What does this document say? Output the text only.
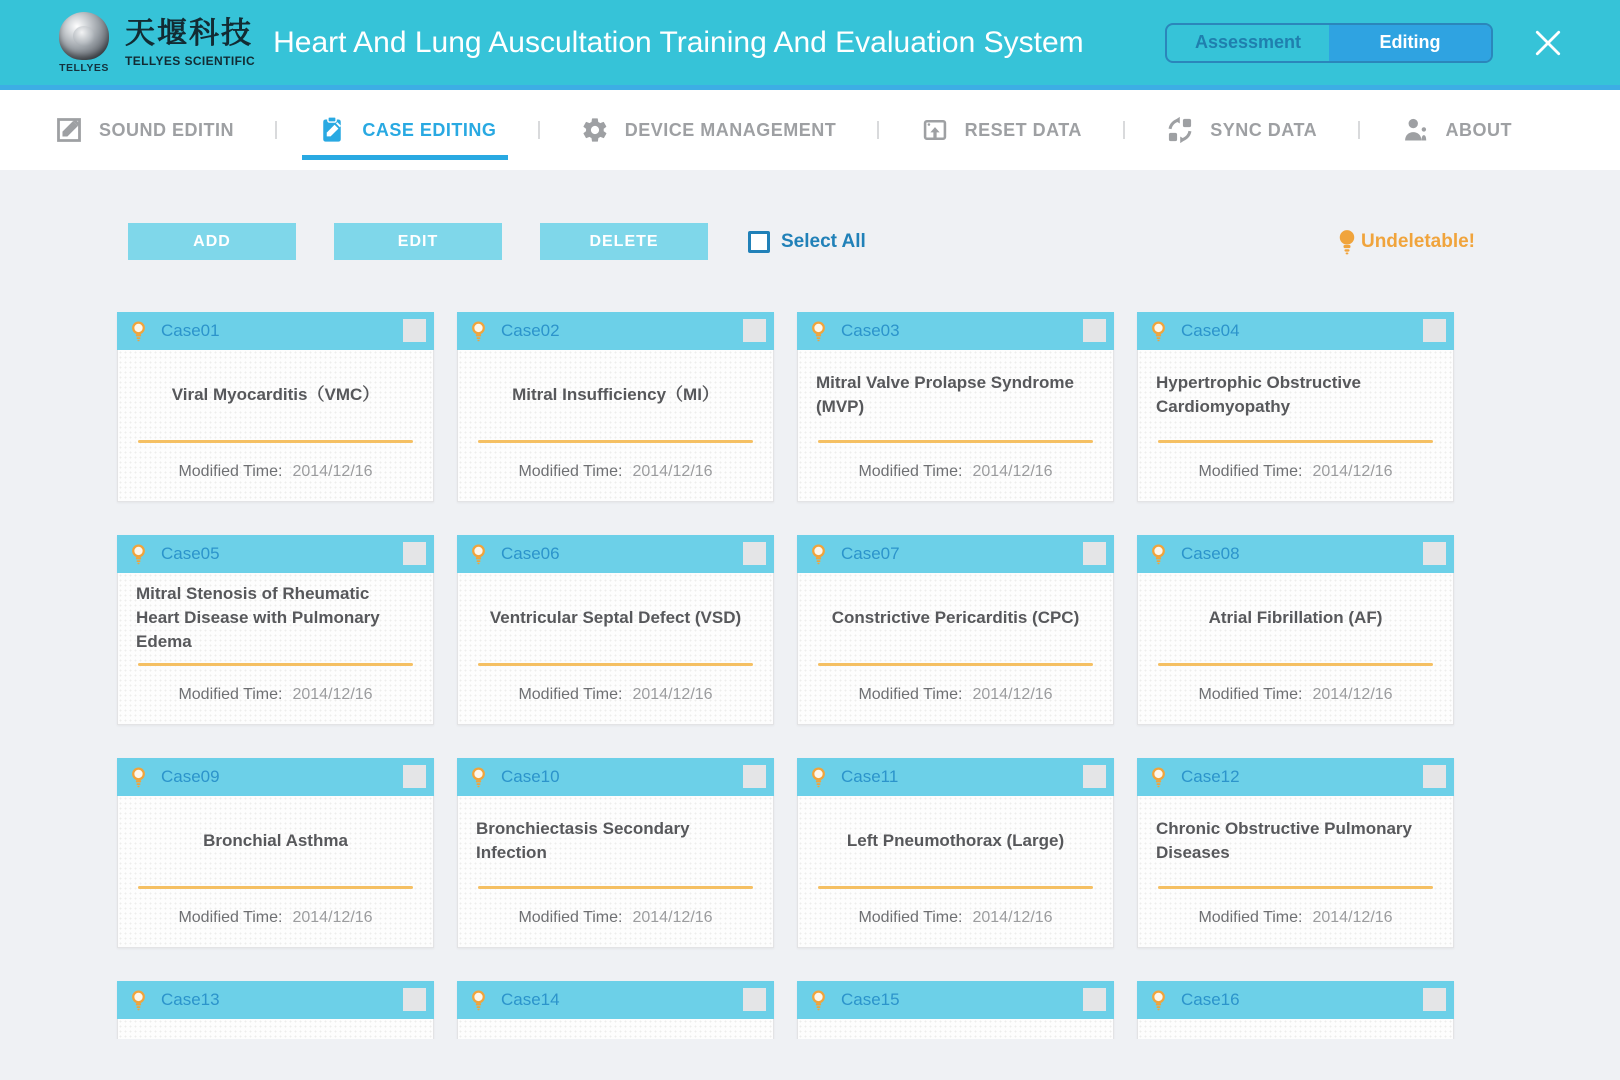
TELLYES
天堰科技
TELLYES SCIENTIFIC
Heart And Lung Auscultation Training And Evaluation System	Assessment	Editing
SOUND EDITIN	CASE EDITING	DEVICE MANAGEMENT	RESET DATA	SYNC DATA	ABOUT
ADD	EDIT	DELETE	Select All	Undeletable!
Case01
Viral Myocarditis（VMC）
Modified Time: 2014/12/16
Case02
Mitral Insufficiency（MI）
Modified Time: 2014/12/16
Case03
Mitral Valve Prolapse Syndrome (MVP)
Modified Time: 2014/12/16
Case04
Hypertrophic Obstructive Cardiomyopathy
Modified Time: 2014/12/16
Case05
Mitral Stenosis of Rheumatic Heart Disease with Pulmonary Edema
Modified Time: 2014/12/16
Case06
Ventricular Septal Defect (VSD)
Modified Time: 2014/12/16
Case07
Constrictive Pericarditis (CPC)
Modified Time: 2014/12/16
Case08
Atrial Fibrillation (AF)
Modified Time: 2014/12/16
Case09
Bronchial Asthma
Modified Time: 2014/12/16
Case10
Bronchiectasis Secondary Infection
Modified Time: 2014/12/16
Case11
Left Pneumothorax (Large)
Modified Time: 2014/12/16
Case12
Chronic Obstructive Pulmonary Diseases
Modified Time: 2014/12/16
Case13	Case14	Case15	Case16
